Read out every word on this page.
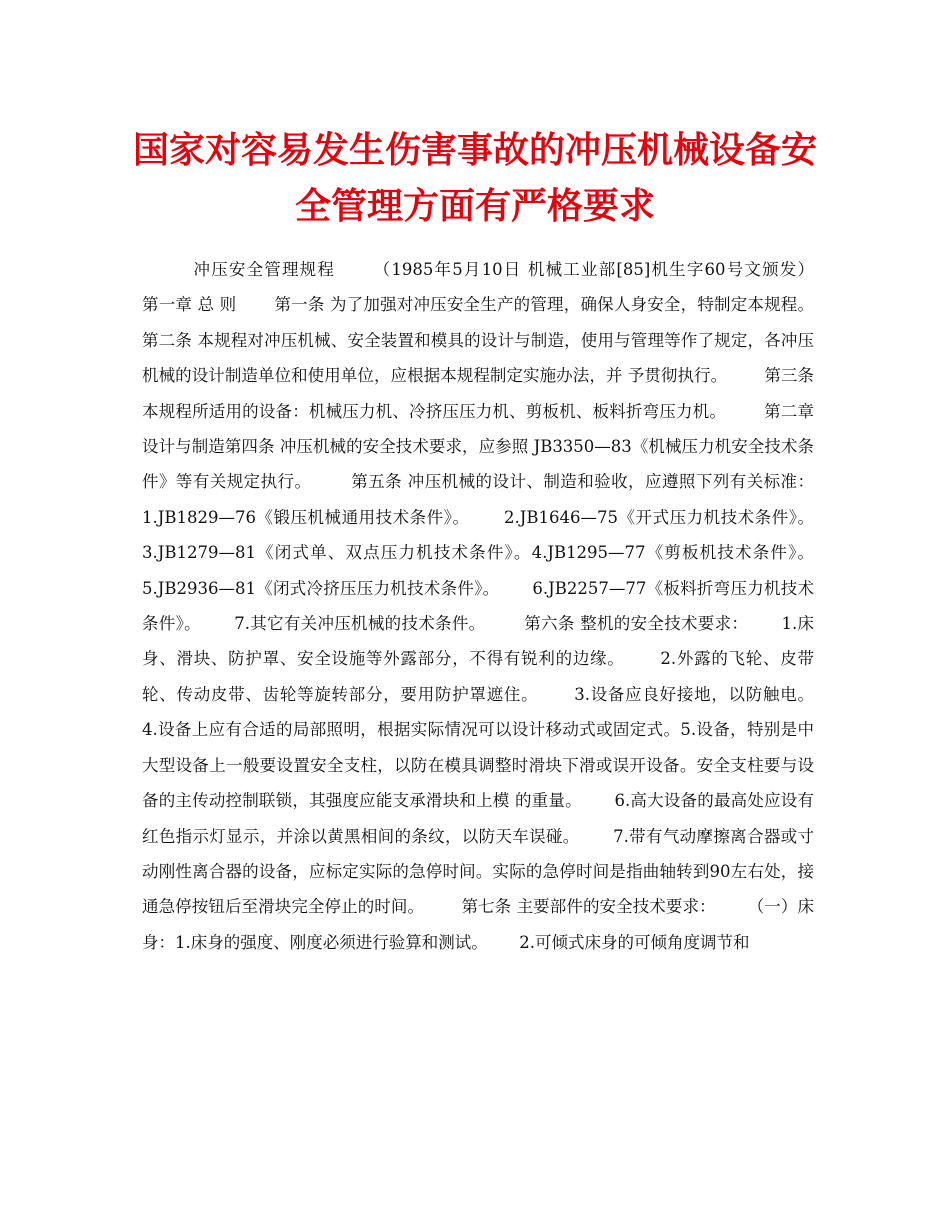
国家对容易发生伤害事故的冲压机械设备安全管理方面有严格要求

冲压安全管理规程      （1985年5月10日 机械工业部[85]机生字60号文颁发）       第一章 总 则       第一条 为了加强对冲压安全生产的管理，确保人身安全，特制定本规程。       第二条 本规程对冲压机械、安全装置和模具的设计与制造，使用与管理等作了规定，各冲压机械的设计制造单位和使用单位，应根据本规程制定实施办法，并 予贯彻执行。       第三条 本规程所适用的设备：机械压力机、冷挤压压力机、剪板机、板料折弯压力机。       第二章 设计与制造第四条 冲压机械的安全技术要求，应参照 JB3350—83《机械压力机安全技术条件》等有关规定执行。       第五条 冲压机械的设计、制造和验收，应遵照下列有关标准：      1.JB1829—76《锻压机械通用技术条件》。      2.JB1646—75《开式压力机技术条件》。      3.JB1279—81《闭式单、双点压力机技术条件》。4.JB1295—77《剪板机技术条件》。      5.JB2936—81《闭式冷挤压压力机技术条件》。      6.JB2257—77《板料折弯压力机技术条件》。      7.其它有关冲压机械的技术条件。       第六条 整机的安全技术要求：      1.床身、滑块、防护罩、安全设施等外露部分，不得有锐利的边缘。      2.外露的飞轮、皮带轮、传动皮带、齿轮等旋转部分，要用防护罩遮住。      3.设备应良好接地，以防触电。      4.设备上应有合适的局部照明，根据实际情况可以设计移动式或固定式。5.设备，特别是中大型设备上一般要设置安全支柱，以防在模具调整时滑块下滑或误开设备。安全支柱要与设备的主传动控制联锁，其强度应能支承滑块和上模 的重量。      6.高大设备的最高处应设有红色指示灯显示，并涂以黄黑相间的条纹，以防天车误碰。      7.带有气动摩擦离合器或寸动刚性离合器的设备，应标定实际的急停时间。实际的急停时间是指曲轴转到90左右处，接通急停按钮后至滑块完全停止的时间。       第七条 主要部件的安全技术要求：      （一）床身：1.床身的强度、刚度必须进行验算和测试。      2.可倾式床身的可倾角度调节和
